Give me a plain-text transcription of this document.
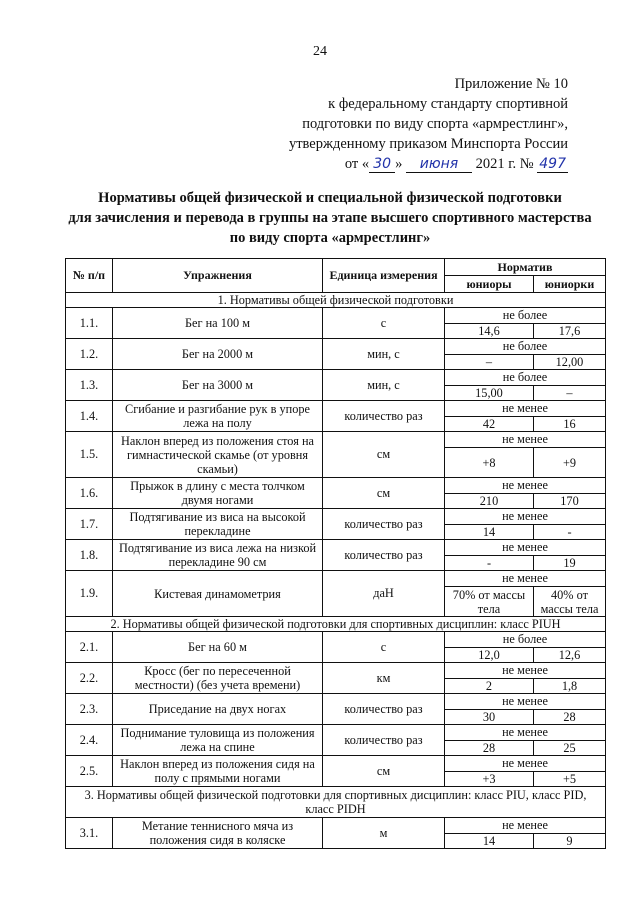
24
Приложение № 10
к федеральному стандарту спортивной
подготовки по виду спорта «армрестлинг»,
утвержденному приказом Минспорта России
от « 30 » июня 2021 г. № 497
Нормативы общей физической и специальной физической подготовки
для зачисления и перевода в группы на этапе высшего спортивного мастерства
по виду спорта «армрестлинг»
№ п/п	Упражнения	Единица измерения	Норматив	
			юниоры	юниорки
1. Нормативы общей физической подготовки				
1.1.	Бег на 100 м	с	не более	
			14,6	17,6
1.2.	Бег на 2000 м	мин, с	не более	
			–	12,00
1.3.	Бег на 3000 м	мин, с	не более	
			15,00	–
1.4.	Сгибание и разгибание рук в упоре лежа на полу	количество раз	не менее	
			42	16
1.5.	Наклон вперед из положения стоя на гимнастической скамье (от уровня скамьи)	см	не менее	
			+8	+9
1.6.	Прыжок в длину с места толчком двумя ногами	см	не менее	
			210	170
1.7.	Подтягивание из виса на высокой перекладине	количество раз	не менее	
			14	-
1.8.	Подтягивание из виса лежа на низкой перекладине 90 см	количество раз	не менее	
			-	19
1.9.	Кистевая динамометрия	даН	не менее	
			70% от массы тела	40% от массы тела
2. Нормативы общей физической подготовки для спортивных дисциплин: класс PIUH				
2.1.	Бег на 60 м	с	не более	
			12,0	12,6
2.2.	Кросс (бег по пересеченной местности) (без учета времени)	км	не менее	
			2	1,8
2.3.	Приседание на двух ногах	количество раз	не менее	
			30	28
2.4.	Поднимание туловища из положения лежа на спине	количество раз	не менее	
			28	25
2.5.	Наклон вперед из положения сидя на полу с прямыми ногами	см	не менее	
			+3	+5
3. Нормативы общей физической подготовки для спортивных дисциплин: класс PIU, класс PID, класс PIDH				
3.1.	Метание теннисного мяча из положения сидя в коляске	м	не менее	
			14	9
